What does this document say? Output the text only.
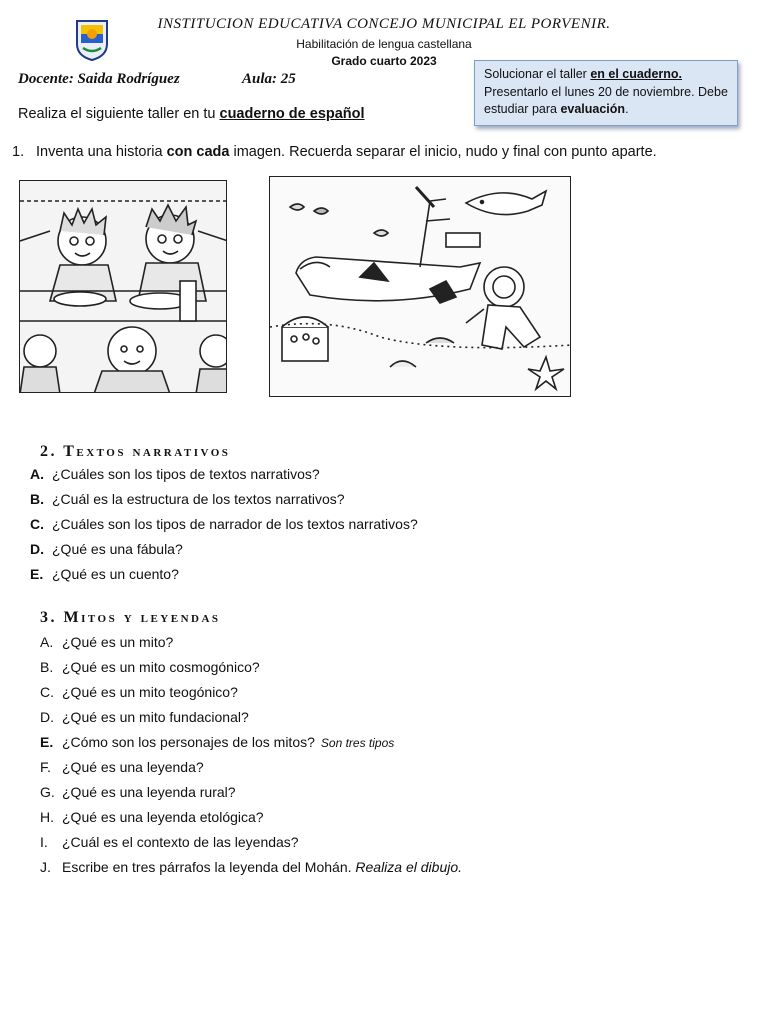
INSTITUCION EDUCATIVA CONCEJO MUNICIPAL EL PORVENIR.
Habilitación de lengua castellana
Grado cuarto 2023
Docente: Saida Rodríguez	Aula: 25	Solucionar el taller en el cuaderno. Presentarlo el lunes 20 de noviembre. Debe estudiar para evaluación.
Realiza el siguiente taller en tu cuaderno de español
1. Inventa una historia con cada imagen. Recuerda separar el inicio, nudo y final con punto aparte.
2. Textos narrativos
A. ¿Cuáles son los tipos de textos narrativos?
B. ¿Cuál es la estructura de los textos narrativos?
C. ¿Cuáles son los tipos de narrador de los textos narrativos?
D. ¿Qué es una fábula?
E. ¿Qué es un cuento?
3. Mitos y leyendas
A. ¿Qué es un mito?
B. ¿Qué es un mito cosmogónico?
C. ¿Qué es un mito teogónico?
D. ¿Qué es un mito fundacional?
E. ¿Cómo son los personajes de los mitos? Son tres tipos
F. ¿Qué es una leyenda?
G. ¿Qué es una leyenda rural?
H. ¿Qué es una leyenda etológica?
I. ¿Cuál es el contexto de las leyendas?
J. Escribe en tres párrafos la leyenda del Mohán. Realiza el dibujo.
